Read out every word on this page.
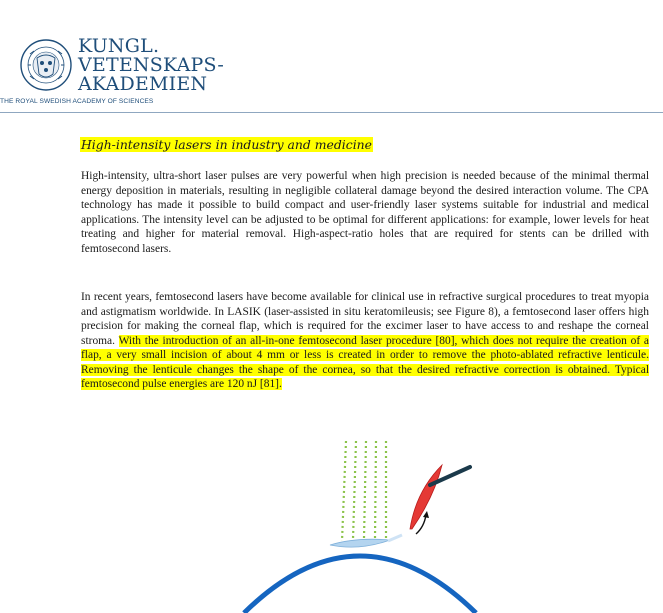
KUNGL.
VETENSKAPS-
AKADEMIEN
THE ROYAL SWEDISH ACADEMY OF SCIENCES
High-intensity lasers in industry and medicine

High-intensity, ultra-short laser pulses are very powerful when high precision is needed because of the minimal thermal energy deposition in materials, resulting in negligible collateral damage beyond the desired interaction volume. The CPA technology has made it possible to build compact and user-friendly laser systems suitable for industrial and medical applications. The intensity level can be adjusted to be optimal for different applications: for example, lower levels for heat treating and higher for material removal. High-aspect-ratio holes that are required for stents can be drilled with femtosecond lasers.

In recent years, femtosecond lasers have become available for clinical use in refractive surgical procedures to treat myopia and astigmatism worldwide. In LASIK (laser-assisted in situ keratomileusis; see Figure 8), a femtosecond laser offers high precision for making the corneal flap, which is required for the excimer laser to have access to and reshape the corneal stroma. With the introduction of an all-in-one femtosecond laser procedure [80], which does not require the creation of a flap, a very small incision of about 4 mm or less is created in order to remove the photo-ablated refractive lenticule. Removing the lenticule changes the shape of the cornea, so that the desired refractive correction is obtained. Typical femtosecond pulse energies are 120 nJ [81].
